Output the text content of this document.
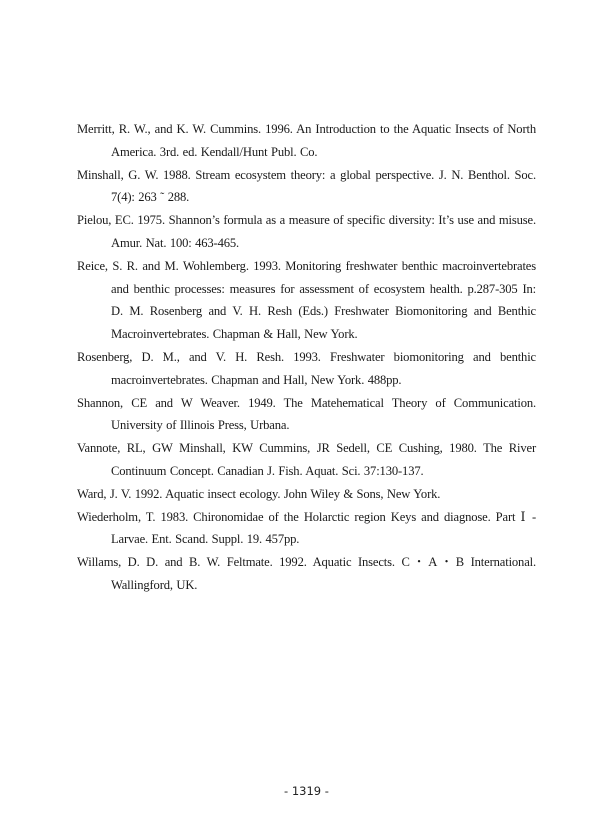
Merritt, R. W., and K. W. Cummins. 1996. An Introduction to the Aquatic Insects of North America. 3rd. ed. Kendall/Hunt Publ. Co.
Minshall, G. W. 1988. Stream ecosystem theory: a global perspective. J. N. Benthol. Soc. 7(4): 263 ˜ 288.
Pielou, EC. 1975. Shannon’s formula as a measure of specific diversity: It’s use and misuse. Amur. Nat. 100: 463-465.
Reice, S. R. and M. Wohlemberg. 1993. Monitoring freshwater benthic macroinvertebrates and benthic processes: measures for assessment of ecosystem health. p.287-305 In: D. M. Rosenberg and V. H. Resh (Eds.) Freshwater Biomonitoring and Benthic Macroinvertebrates. Chapman & Hall, New York.
Rosenberg, D. M., and V. H. Resh. 1993. Freshwater biomonitoring and benthic macroinvertebrates. Chapman and Hall, New York. 488pp.
Shannon, CE and W Weaver. 1949. The Matehematical Theory of Communication. University of Illinois Press, Urbana.
Vannote, RL, GW Minshall, KW Cummins, JR Sedell, CE Cushing, 1980. The River Continuum Concept. Canadian J. Fish. Aquat. Sci. 37:130-137.
Ward, J. V. 1992. Aquatic insect ecology. John Wiley & Sons, New York.
Wiederholm, T. 1983. Chironomidae of the Holarctic region Keys and diagnose. Part Ⅰ - Larvae. Ent. Scand. Suppl. 19. 457pp.
Willams, D. D. and B. W. Feltmate. 1992. Aquatic Insects. C・A・B International. Wallingford, UK.
- 1319 -
